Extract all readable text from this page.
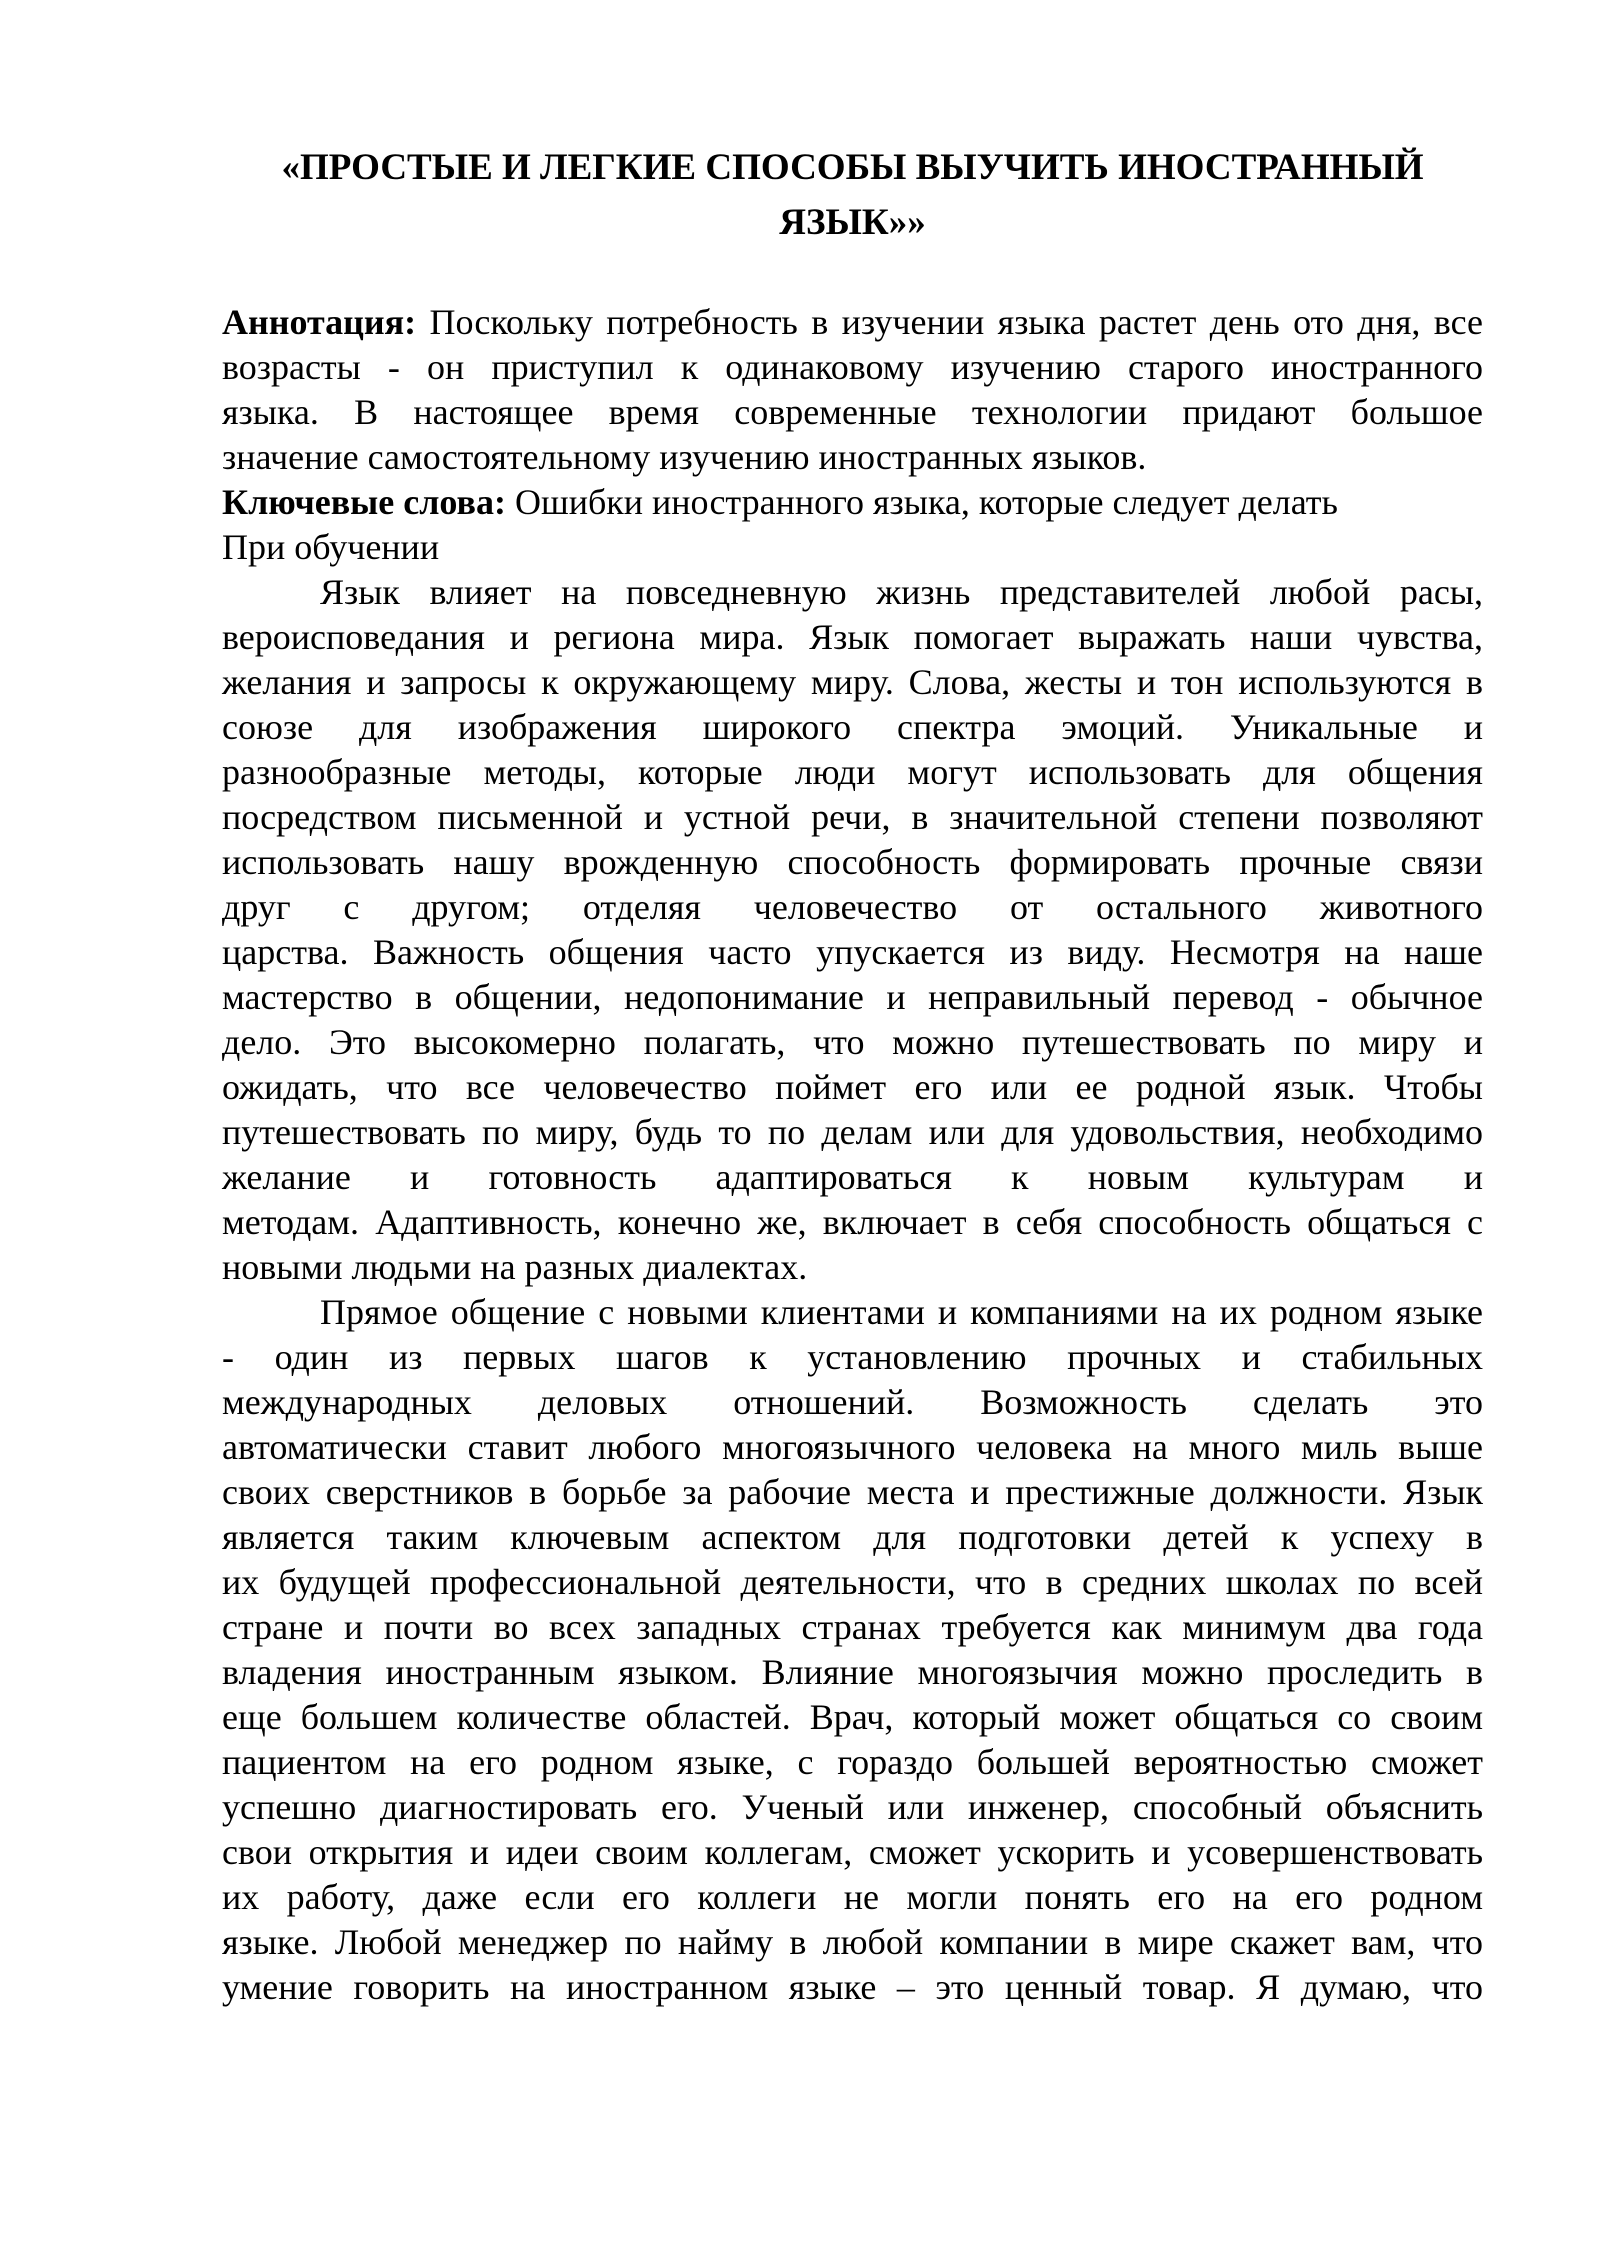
«ПРОСТЫЕ И ЛЕГКИЕ СПОСОБЫ ВЫУЧИТЬ ИНОСТРАННЫЙ
ЯЗЫК»»
Аннотация: Поскольку потребность в изучении языка растет день ото дня, все
возрасты - он приступил к одинаковому изучению старого иностранного
языка. В настоящее время современные технологии придают большое
значение самостоятельному изучению иностранных языков.
Ключевые слова: Ошибки иностранного языка, которые следует делать
При обучении
Язык влияет на повседневную жизнь представителей любой расы,
вероисповедания и региона мира. Язык помогает выражать наши чувства,
желания и запросы к окружающему миру. Слова, жесты и тон используются в
союзе для изображения широкого спектра эмоций. Уникальные и
разнообразные методы, которые люди могут использовать для общения
посредством письменной и устной речи, в значительной степени позволяют
использовать нашу врожденную способность формировать прочные связи
друг с другом; отделяя человечество от остального животного
царства. Важность общения часто упускается из виду. Несмотря на наше
мастерство в общении, недопонимание и неправильный перевод - обычное
дело. Это высокомерно полагать, что можно путешествовать по миру и
ожидать, что все человечество поймет его или ее родной язык. Чтобы
путешествовать по миру, будь то по делам или для удовольствия, необходимо
желание и готовность адаптироваться к новым культурам и
методам. Адаптивность, конечно же, включает в себя способность общаться с
новыми людьми на разных диалектах.
Прямое общение с новыми клиентами и компаниями на их родном языке
- один из первых шагов к установлению прочных и стабильных
международных деловых отношений. Возможность сделать это
автоматически ставит любого многоязычного человека на много миль выше
своих сверстников в борьбе за рабочие места и престижные должности. Язык
является таким ключевым аспектом для подготовки детей к успеху в
их будущей профессиональной деятельности, что в средних школах по всей
стране и почти во всех западных странах требуется как минимум два года
владения иностранным языком. Влияние многоязычия можно проследить в
еще большем количестве областей. Врач, который может общаться со своим
пациентом на его родном языке, с гораздо большей вероятностью сможет
успешно диагностировать его. Ученый или инженер, способный объяснить
свои открытия и идеи своим коллегам, сможет ускорить и усовершенствовать
их работу, даже если его коллеги не могли понять его на его родном
языке. Любой менеджер по найму в любой компании в мире скажет вам, что
умение говорить на иностранном языке – это ценный товар. Я думаю, что
